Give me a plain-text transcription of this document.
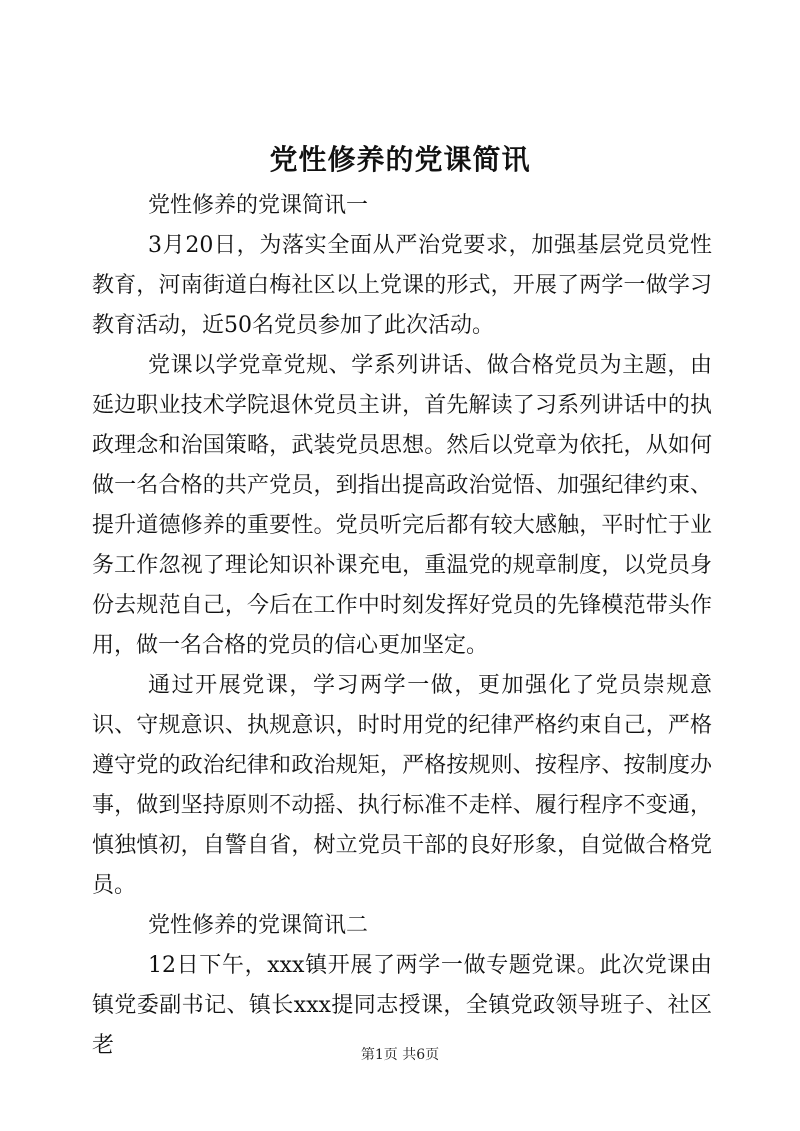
党性修养的党课简讯

党性修养的党课简讯一

3月20日，为落实全面从严治党要求，加强基层党员党性教育，河南街道白梅社区以上党课的形式，开展了两学一做学习教育活动，近50名党员参加了此次活动。

党课以学党章党规、学系列讲话、做合格党员为主题，由延边职业技术学院退休党员主讲，首先解读了习系列讲话中的执政理念和治国策略，武装党员思想。然后以党章为依托，从如何做一名合格的共产党员，到指出提高政治觉悟、加强纪律约束、提升道德修养的重要性。党员听完后都有较大感触，平时忙于业务工作忽视了理论知识补课充电，重温党的规章制度，以党员身份去规范自己，今后在工作中时刻发挥好党员的先锋模范带头作用，做一名合格的党员的信心更加坚定。

通过开展党课，学习两学一做，更加强化了党员崇规意识、守规意识、执规意识，时时用党的纪律严格约束自己，严格遵守党的政治纪律和政治规矩，严格按规则、按程序、按制度办事，做到坚持原则不动摇、执行标准不走样、履行程序不变通，慎独慎初，自警自省，树立党员干部的良好形象，自觉做合格党员。

党性修养的党课简讯二

12日下午，xxx镇开展了两学一做专题党课。此次党课由镇党委副书记、镇长xxx提同志授课，全镇党政领导班子、社区老	第1页 共6页
